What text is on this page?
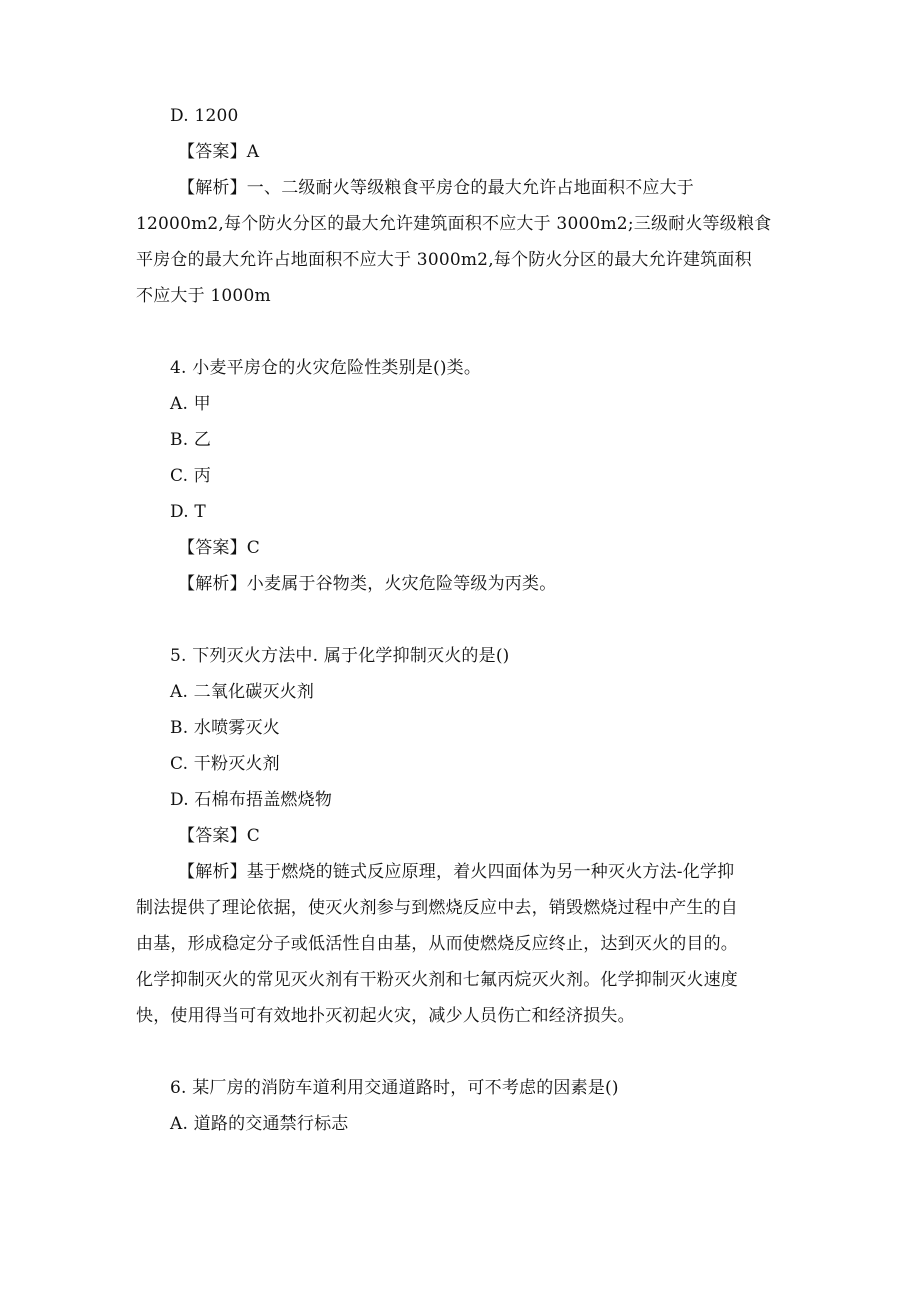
D. 1200
【答案】A
【解析】一、二级耐火等级粮食平房仓的最大允许占地面积不应大于
12000m2,每个防火分区的最大允许建筑面积不应大于 3000m2;三级耐火等级粮食
平房仓的最大允许占地面积不应大于 3000m2,每个防火分区的最大允许建筑面积
不应大于 1000m
4. 小麦平房仓的火灾危险性类别是()类。
A. 甲
B. 乙
C. 丙
D. T
【答案】C
【解析】小麦属于谷物类，火灾危险等级为丙类。
5. 下列灭火方法中. 属于化学抑制灭火的是()
A. 二氧化碳灭火剂
B. 水喷雾灭火
C. 干粉灭火剂
D. 石棉布捂盖燃烧物
【答案】C
【解析】基于燃烧的链式反应原理，着火四面体为另一种灭火方法-化学抑
制法提供了理论依据，使灭火剂参与到燃烧反应中去，销毁燃烧过程中产生的自
由基，形成稳定分子或低活性自由基，从而使燃烧反应终止，达到灭火的目的。
化学抑制灭火的常见灭火剂有干粉灭火剂和七氟丙烷灭火剂。化学抑制灭火速度
快，使用得当可有效地扑灭初起火灾，减少人员伤亡和经济损失。
6. 某厂房的消防车道利用交通道路时，可不考虑的因素是()
A. 道路的交通禁行标志
